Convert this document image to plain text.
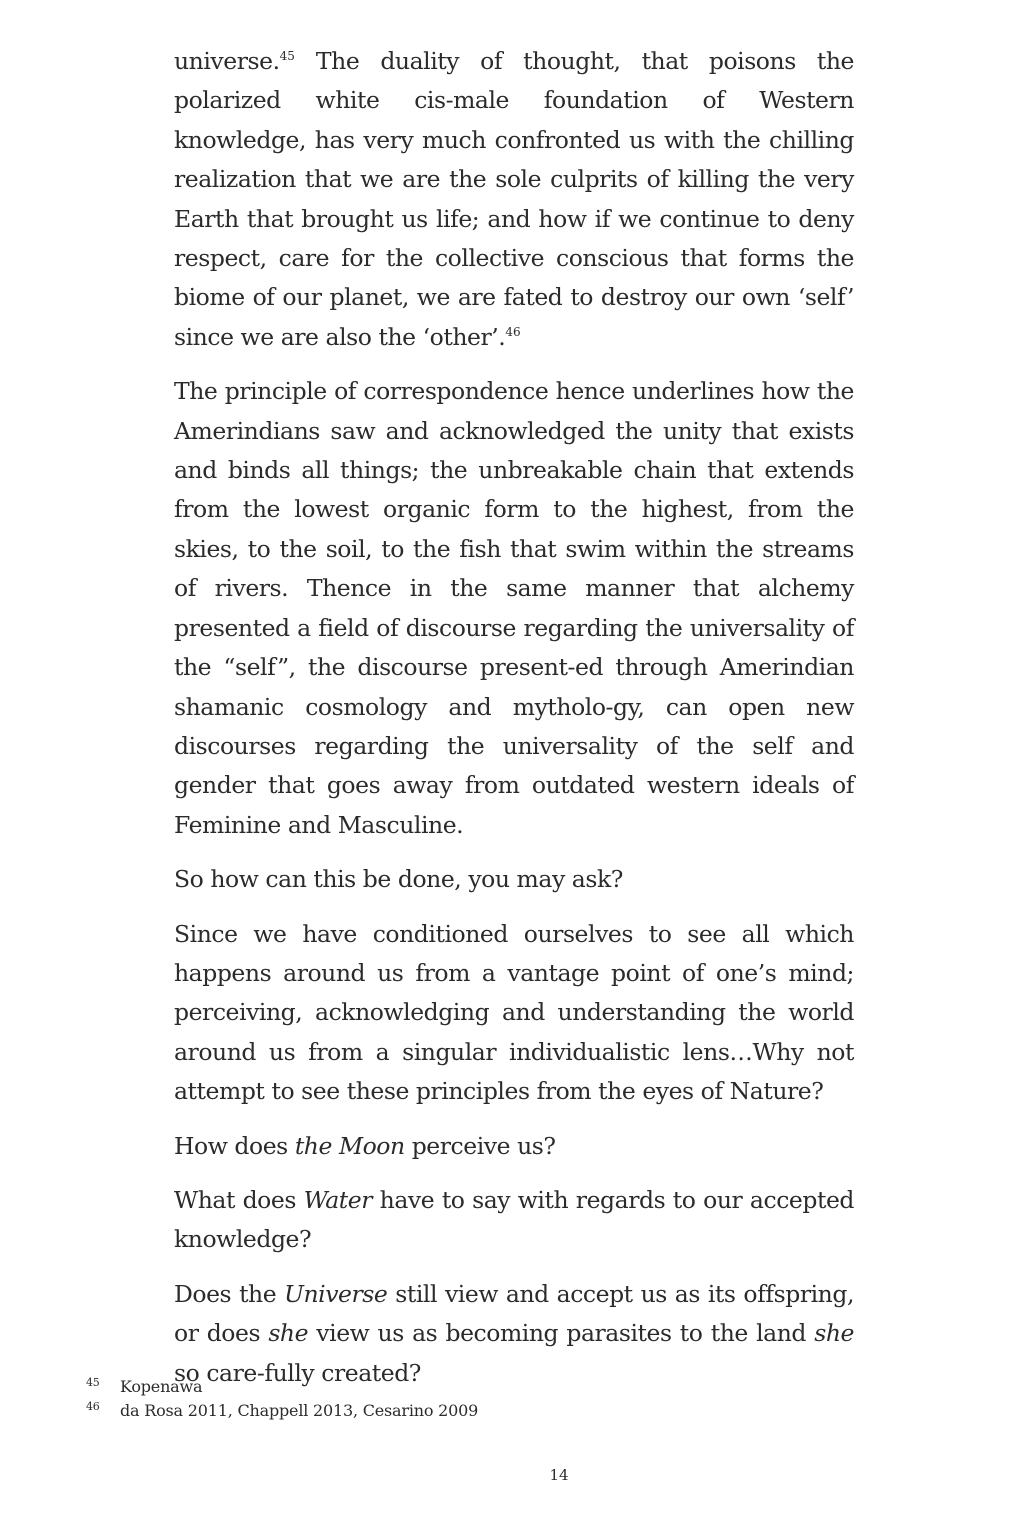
universe.$^{45}$ The duality of thought, that poisons the polarized white cis-male foundation of Western knowledge, has very much confronted us with the chilling realization that we are the sole culprits of killing the very Earth that brought us life; and how if we continue to deny respect, care for the collective conscious that forms the biome of our planet, we are fated to destroy our own ‘self’ since we are also the ‘other’.$^{46}$

The principle of correspondence hence underlines how the Amerindians saw and acknowledged the unity that exists and binds all things; the unbreakable chain that extends from the lowest organic form to the highest, from the skies, to the soil, to the fish that swim within the streams of rivers. Thence in the same manner that alchemy presented a field of discourse regarding the universality of the “self”, the discourse present-ed through Amerindian shamanic cosmology and mytholo-gy, can open new discourses regarding the universality of the self and gender that goes away from outdated western ideals of Feminine and Masculine.

So how can this be done, you may ask?

Since we have conditioned ourselves to see all which happens around us from a vantage point of one’s mind; perceiving, acknowledging and understanding the world around us from a singular individualistic lens…Why not attempt to see these principles from the eyes of Nature?

How does the Moon perceive us?

What does Water have to say with regards to our accepted knowledge?

Does the Universe still view and accept us as its offspring, or does she view us as becoming parasites to the land she so care-fully created?

45 Kopenawa
46 da Rosa 2011, Chappell 2013, Cesarino 2009
14
